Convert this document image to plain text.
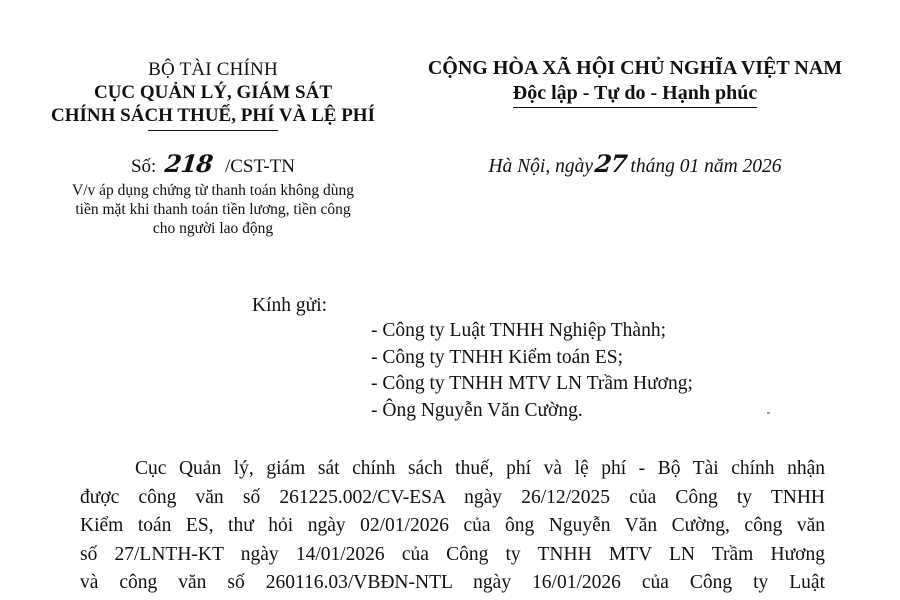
BỘ TÀI CHÍNH
CỤC QUẢN LÝ, GIÁM SÁT
CHÍNH SÁCH THUẾ, PHÍ VÀ LỆ PHÍ
CỘNG HÒA XÃ HỘI CHỦ NGHĨA VIỆT NAM
Độc lập - Tự do - Hạnh phúc
Số: 218 /CST-TN
V/v áp dụng chứng từ thanh toán không dùng
tiền mặt khi thanh toán tiền lương, tiền công
cho người lao động
Hà Nội, ngày27 tháng 01 năm 2026
Kính gửi:
- Công ty Luật TNHH Nghiệp Thành;
- Công ty TNHH Kiểm toán ES;
- Công ty TNHH MTV LN Trầm Hương;
- Ông Nguyễn Văn Cường.
Cục Quản lý, giám sát chính sách thuế, phí và lệ phí - Bộ Tài chính nhận
được công văn số 261225.002/CV-ESA ngày 26/12/2025 của Công ty TNHH
Kiểm toán ES, thư hỏi ngày 02/01/2026 của ông Nguyễn Văn Cường, công văn
số 27/LNTH-KT ngày 14/01/2026 của Công ty TNHH MTV LN Trầm Hương
và công văn số 260116.03/VBĐN-NTL ngày 16/01/2026 của Công ty Luật
